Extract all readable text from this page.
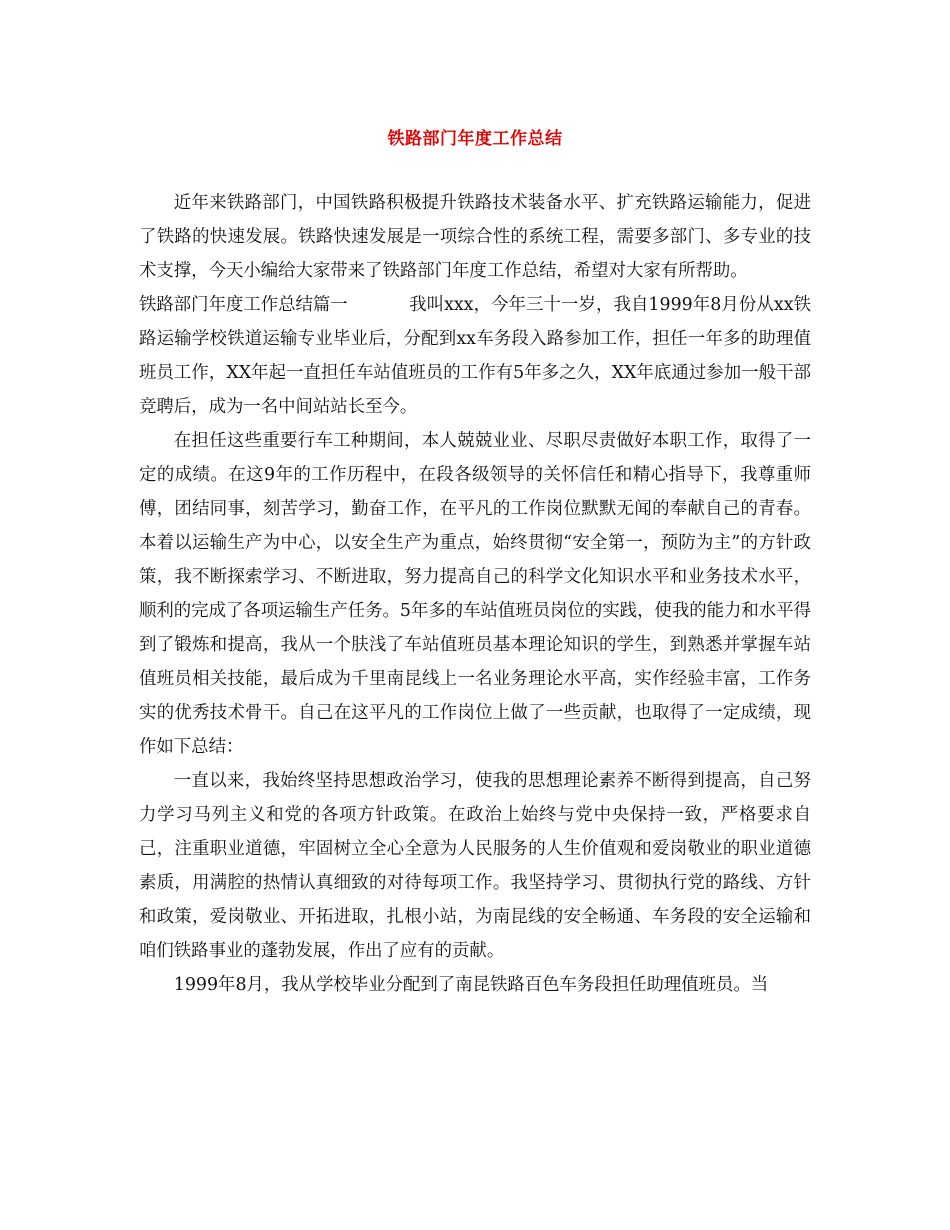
铁路部门年度工作总结

近年来铁路部门，中国铁路积极提升铁路技术装备水平、扩充铁路运输能力，促进了铁路的快速发展。铁路快速发展是一项综合性的系统工程，需要多部门、多专业的技术支撑，今天小编给大家带来了铁路部门年度工作总结，希望对大家有所帮助。

铁路部门年度工作总结篇一	我叫xxx，今年三十一岁，我自1999年8月份从xx铁路运输学校铁道运输专业毕业后，分配到xx车务段入路参加工作，担任一年多的助理值班员工作，XX年起一直担任车站值班员的工作有5年多之久，XX年底通过参加一般干部竞聘后，成为一名中间站站长至今。

在担任这些重要行车工种期间，本人兢兢业业、尽职尽责做好本职工作，取得了一定的成绩。在这9年的工作历程中，在段各级领导的关怀信任和精心指导下，我尊重师傅，团结同事，刻苦学习，勤奋工作，在平凡的工作岗位默默无闻的奉献自己的青春。本着以运输生产为中心，以安全生产为重点，始终贯彻“安全第一，预防为主”的方针政策，我不断探索学习、不断进取，努力提高自己的科学文化知识水平和业务技术水平，顺利的完成了各项运输生产任务。5年多的车站值班员岗位的实践，使我的能力和水平得到了锻炼和提高，我从一个肤浅了车站值班员基本理论知识的学生，到熟悉并掌握车站值班员相关技能，最后成为千里南昆线上一名业务理论水平高，实作经验丰富，工作务实的优秀技术骨干。自己在这平凡的工作岗位上做了一些贡献，也取得了一定成绩，现作如下总结：

一直以来，我始终坚持思想政治学习，使我的思想理论素养不断得到提高，自己努力学习马列主义和党的各项方针政策。在政治上始终与党中央保持一致，严格要求自己，注重职业道德，牢固树立全心全意为人民服务的人生价值观和爱岗敬业的职业道德素质，用满腔的热情认真细致的对待每项工作。我坚持学习、贯彻执行党的路线、方针和政策，爱岗敬业、开拓进取，扎根小站，为南昆线的安全畅通、车务段的安全运输和咱们铁路事业的蓬勃发展，作出了应有的贡献。

1999年8月，我从学校毕业分配到了南昆铁路百色车务段担任助理值班员。当
